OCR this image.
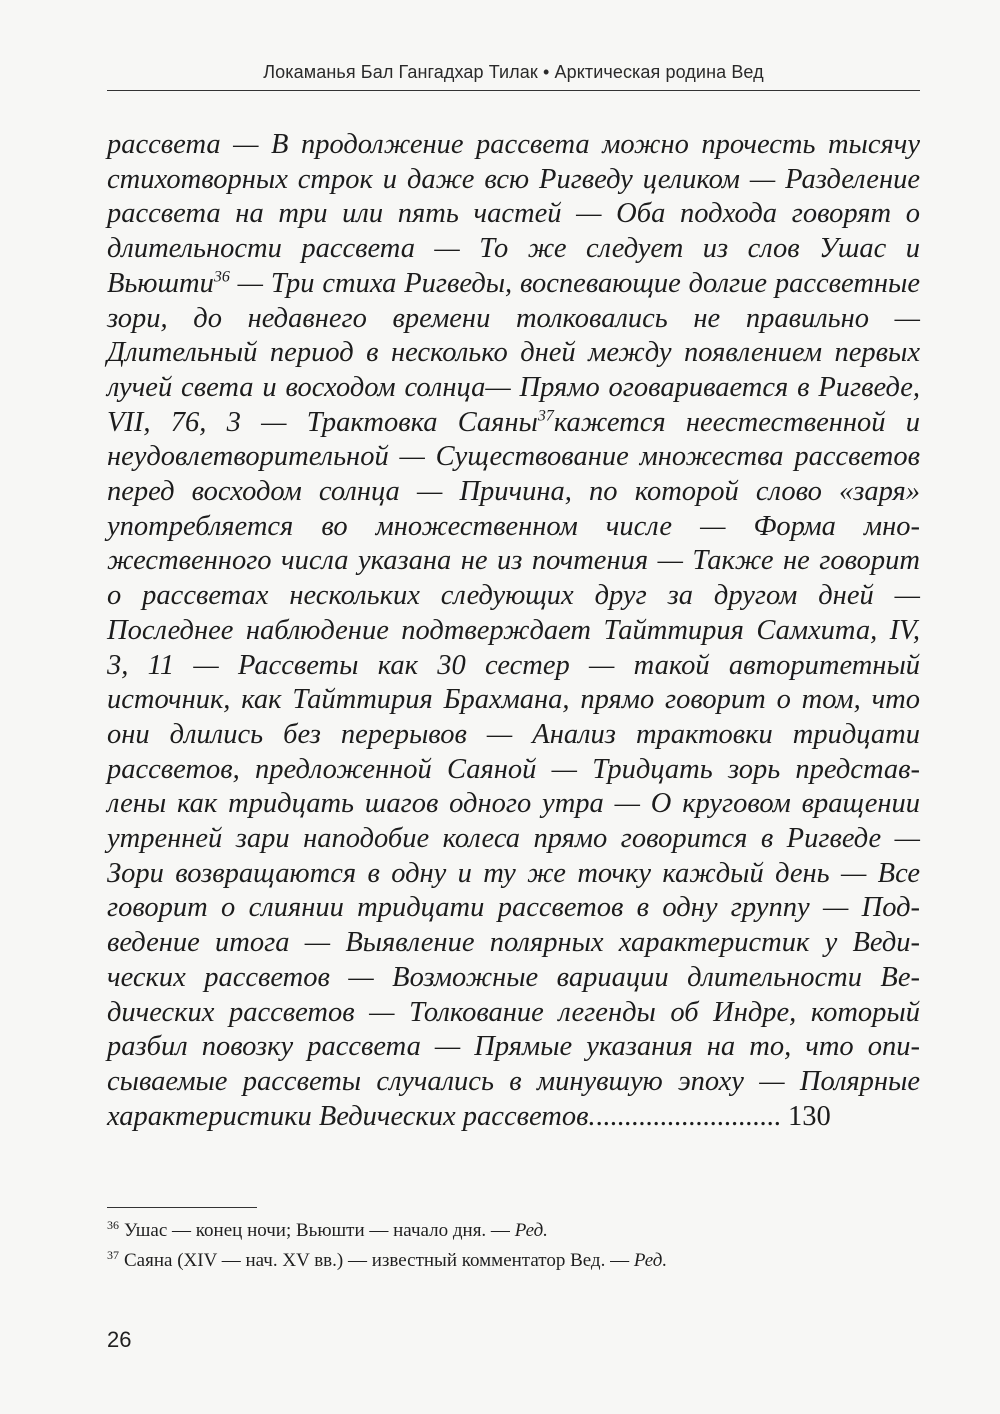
Локаманья Бал Гангадхар Тилак • Арктическая родина Вед
рассвета — В продолжение рассвета можно прочесть тысячу стихотворных строк и даже всю Ригведу целиком — Разделение рассвета на три или пять частей — Оба подхода говорят о длительности рассвета — То же следует из слов Ушас и Вьюшти$^{36}$ — Три стиха Ригведы, воспевающие долгие рассветные зори, до недавнего времени толковались не правильно — Длительный период в несколько дней между появлением первых лучей света и восходом солнца— Прямо оговаривается в Ригведе, VII, 76, 3 — Трактовка Саяны$^{37}$кажется неестественной и неудовлетворительной — Существование множества рассветов перед восходом солнца — Причина, по которой слово «заря» употребляется во множественном числе — Форма множественного числа указана не из почтения — Также не говорит о рассветах нескольких следующих друг за другом дней — Последнее наблюдение подтверждает Тайттирия Самхита, IV, 3, 11 — Рассветы как 30 сестер — такой авторитетный источник, как Тайттирия Брахмана, прямо говорит о том, что они длились без перерывов — Анализ трактовки тридцати рассветов, предложенной Саяной — Тридцать зорь представлены как тридцать шагов одного утра — О круговом вращении утренней зари наподобие колеса прямо говорится в Ригведе — Зори возвращаются в одну и ту же точку каждый день — Все говорит о слиянии тридцати рассветов в одну группу — Подведение итога — Выявление полярных характеристик у Ведических рассветов — Возможные вариации длительности Ведических рассветов — Толкование легенды об Индре, который разбил повозку рассвета — Прямые указания на то, что описываемые рассветы случались в минувшую эпоху — Полярные характеристики Ведических рассветов........................... 130
$^{36}$ Ушас — конец ночи; Вьюшти — начало дня. — Ред.
$^{37}$ Саяна (XIV — нач. XV вв.) — известный комментатор Вед. — Ред.
26
